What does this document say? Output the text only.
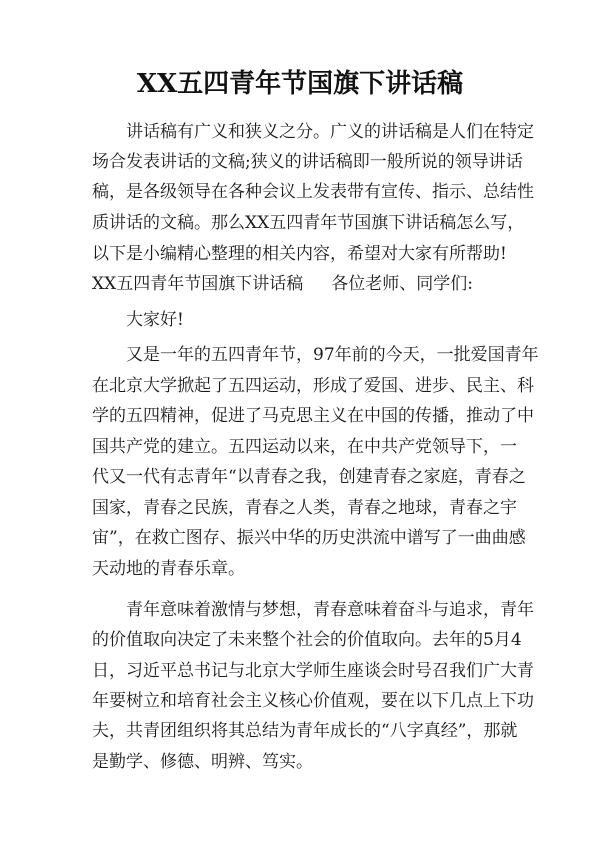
XX五四青年节国旗下讲话稿
讲话稿有广义和狭义之分。广义的讲话稿是人们在特定
场合发表讲话的文稿;狭义的讲话稿即一般所说的领导讲话
稿，是各级领导在各种会议上发表带有宣传、指示、总结性
质讲话的文稿。那么XX五四青年节国旗下讲话稿怎么写，
以下是小编精心整理的相关内容，希望对大家有所帮助!
XX五四青年节国旗下讲话稿 各位老师、同学们:
大家好!
又是一年的五四青年节，97年前的今天，一批爱国青年
在北京大学掀起了五四运动，形成了爱国、进步、民主、科
学的五四精神，促进了马克思主义在中国的传播，推动了中
国共产党的建立。五四运动以来，在中共产党领导下，一
代又一代有志青年“以青春之我，创建青春之家庭，青春之
国家，青春之民族，青春之人类，青春之地球，青春之宇
宙”，在救亡图存、振兴中华的历史洪流中谱写了一曲曲感
天动地的青春乐章。
青年意味着激情与梦想，青春意味着奋斗与追求，青年
的价值取向决定了未来整个社会的价值取向。去年的5月4
日，习近平总书记与北京大学师生座谈会时号召我们广大青
年要树立和培育社会主义核心价值观，要在以下几点上下功
夫，共青团组织将其总结为青年成长的“八字真经”，那就
是勤学、修德、明辨、笃实。
